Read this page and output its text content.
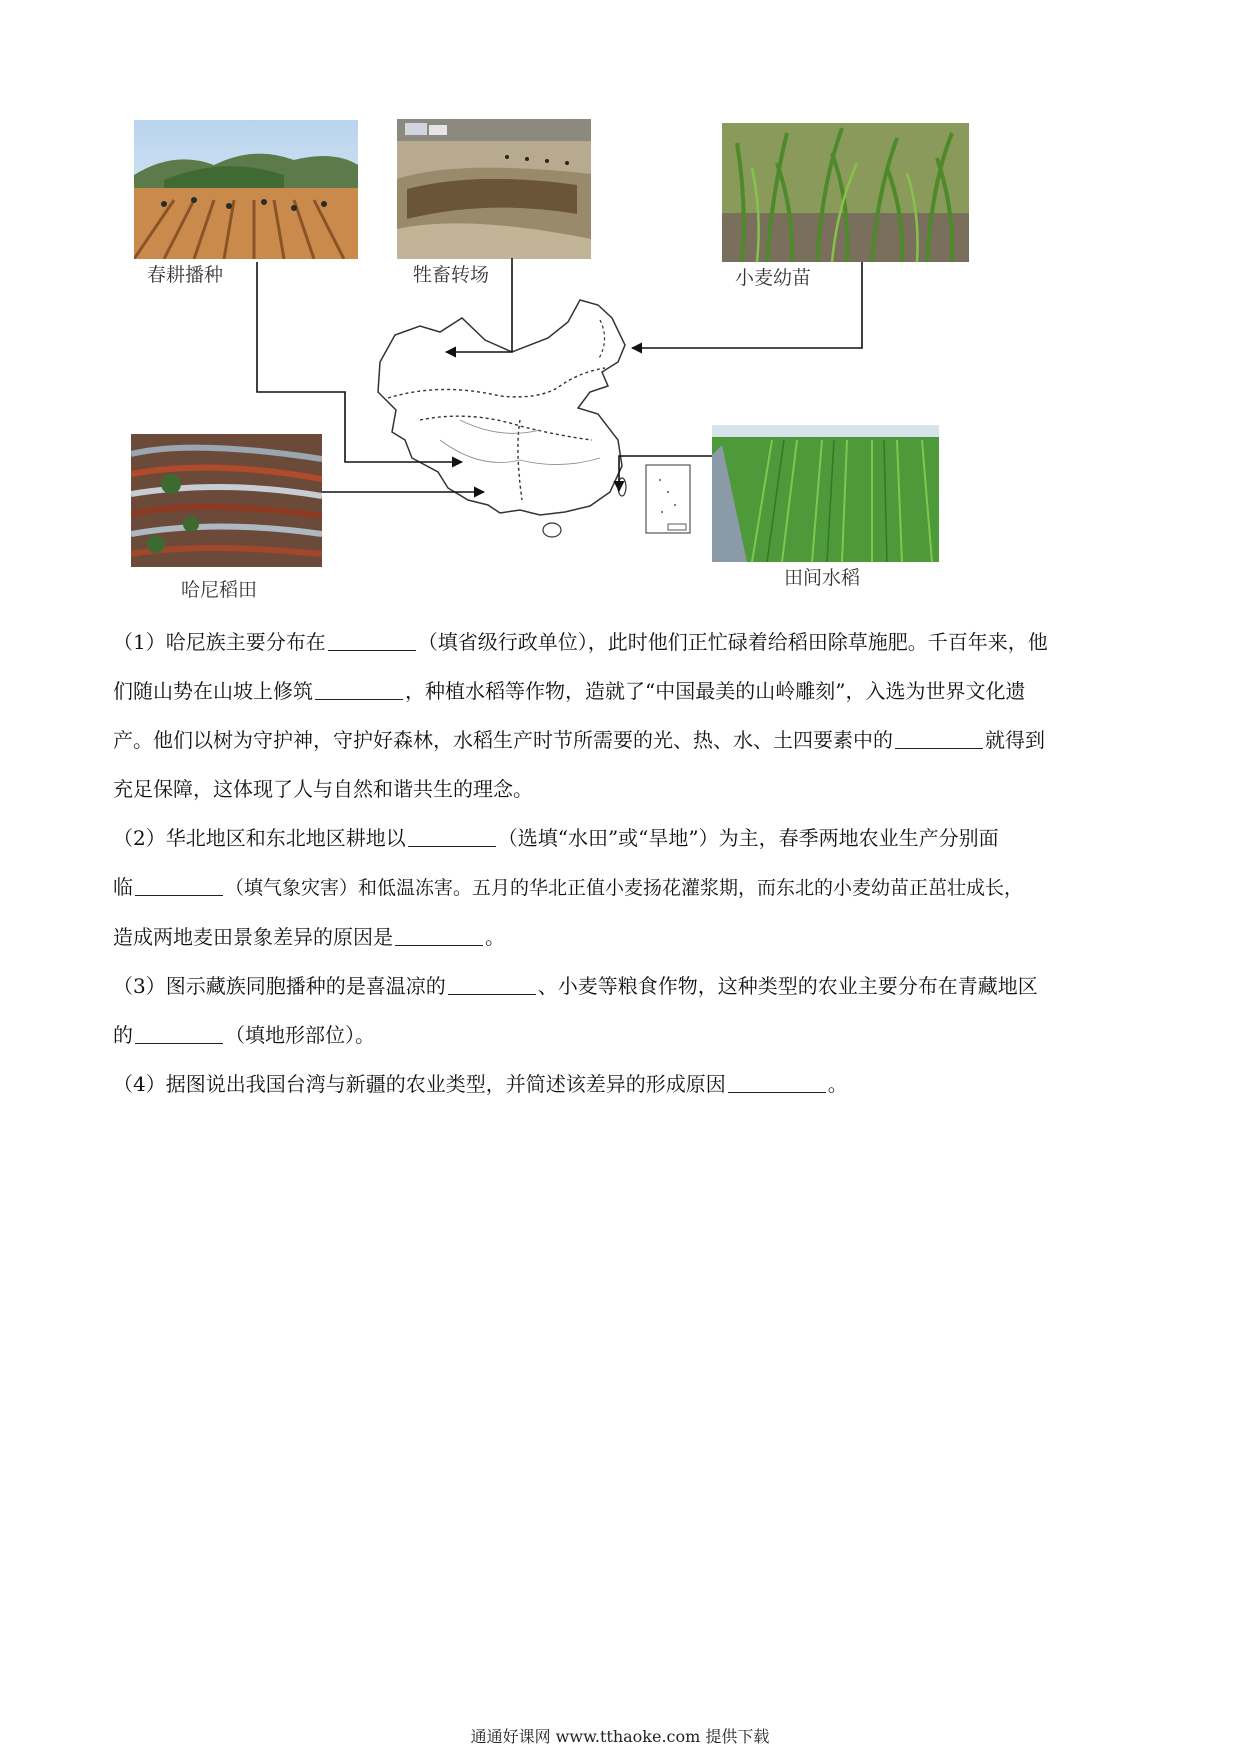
春耕播种	牲畜转场	小麦幼苗
哈尼稻田
田间水稻

（1）哈尼族主要分布在	（填省级行政单位），此时他们正忙碌着给稻田除草施肥。千百年来，他

们随山势在山坡上修筑	，种植水稻等作物，造就了“中国最美的山岭雕刻”，入选为世界文化遗

产。他们以树为守护神，守护好森林，水稻生产时节所需要的光、热、水、土四要素中的	就得到

充足保障，这体现了人与自然和谐共生的理念。

（2）华北地区和东北地区耕地以	（选填“水田”或“旱地”）为主，春季两地农业生产分别面

临	（填气象灾害）和低温冻害。五月的华北正值小麦扬花灌浆期，而东北的小麦幼苗正茁壮成长，

造成两地麦田景象差异的原因是	。

（3）图示藏族同胞播种的是喜温凉的	、小麦等粮食作物，这种类型的农业主要分布在青藏地区

的	（填地形部位）。

（4）据图说出我国台湾与新疆的农业类型，并简述该差异的形成原因	。

通通好课网 www.tthaoke.com 提供下载
